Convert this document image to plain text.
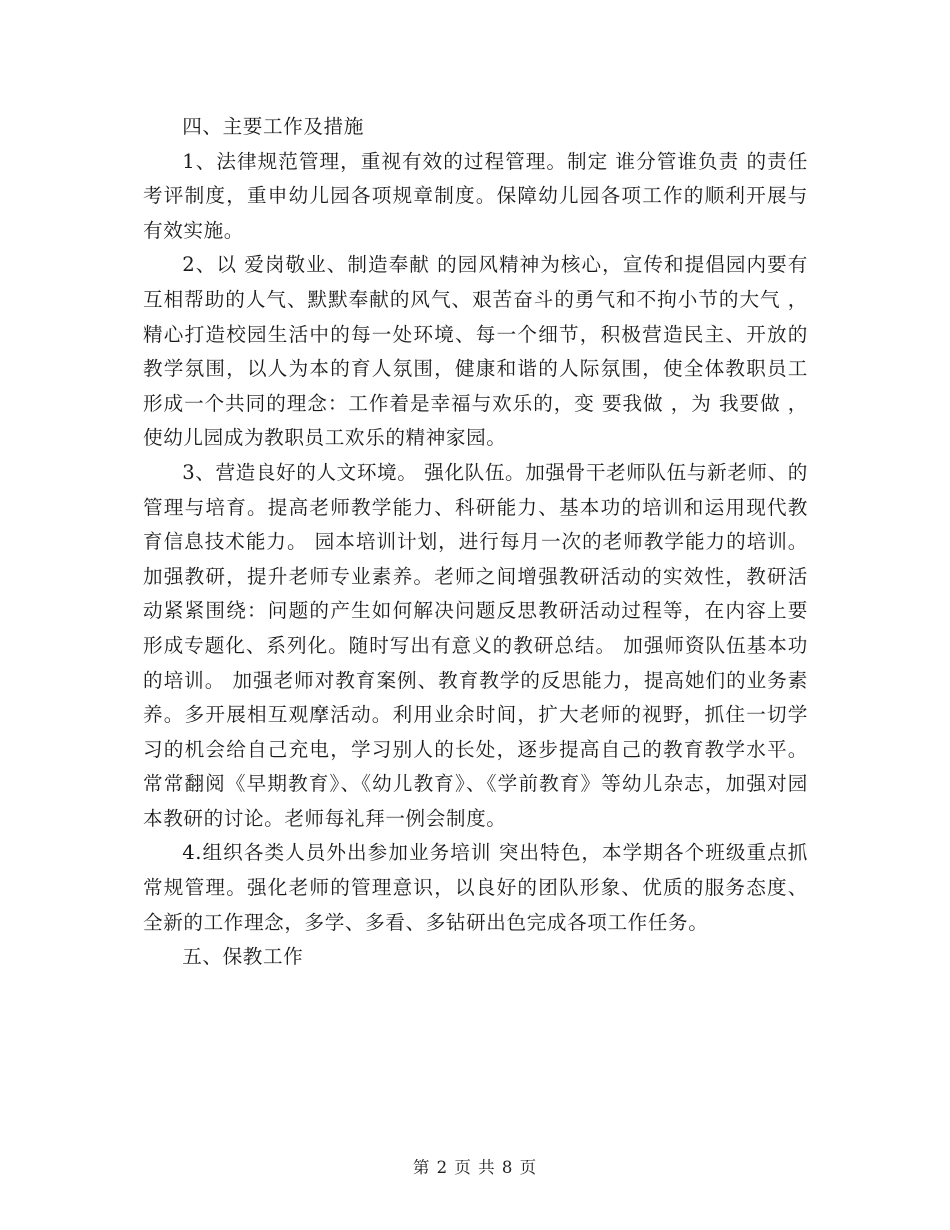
四、主要工作及措施

1、法律规范管理，重视有效的过程管理。制定 谁分管谁负责 的责任考评制度，重申幼儿园各项规章制度。保障幼儿园各项工作的顺利开展与有效实施。

2、以 爱岗敬业、制造奉献 的园风精神为核心，宣传和提倡园内要有 互相帮助的人气、默默奉献的风气、艰苦奋斗的勇气和不拘小节的大气 ，精心打造校园生活中的每一处环境、每一个细节，积极营造民主、开放的教学氛围，以人为本的育人氛围，健康和谐的人际氛围，使全体教职员工形成一个共同的理念：工作着是幸福与欢乐的，变 要我做 ，为 我要做 ，使幼儿园成为教职员工欢乐的精神家园。

3、营造良好的人文环境。 强化队伍。加强骨干老师队伍与新老师、的管理与培育。提高老师教学能力、科研能力、基本功的培训和运用现代教育信息技术能力。 园本培训计划，进行每月一次的老师教学能力的培训。 加强教研，提升老师专业素养。老师之间增强教研活动的实效性，教研活动紧紧围绕：问题的产生如何解决问题反思教研活动过程等，在内容上要形成专题化、系列化。随时写出有意义的教研总结。 加强师资队伍基本功的培训。 加强老师对教育案例、教育教学的反思能力，提高她们的业务素养。多开展相互观摩活动。利用业余时间，扩大老师的视野，抓住一切学习的机会给自己充电，学习别人的长处，逐步提高自己的教育教学水平。常常翻阅《早期教育》、《幼儿教育》、《学前教育》等幼儿杂志，加强对园本教研的讨论。老师每礼拜一例会制度。

4.组织各类人员外出参加业务培训 突出特色，本学期各个班级重点抓常规管理。强化老师的管理意识，以良好的团队形象、优质的服务态度、全新的工作理念，多学、多看、多钻研出色完成各项工作任务。

五、保教工作

第 2 页 共 8 页
